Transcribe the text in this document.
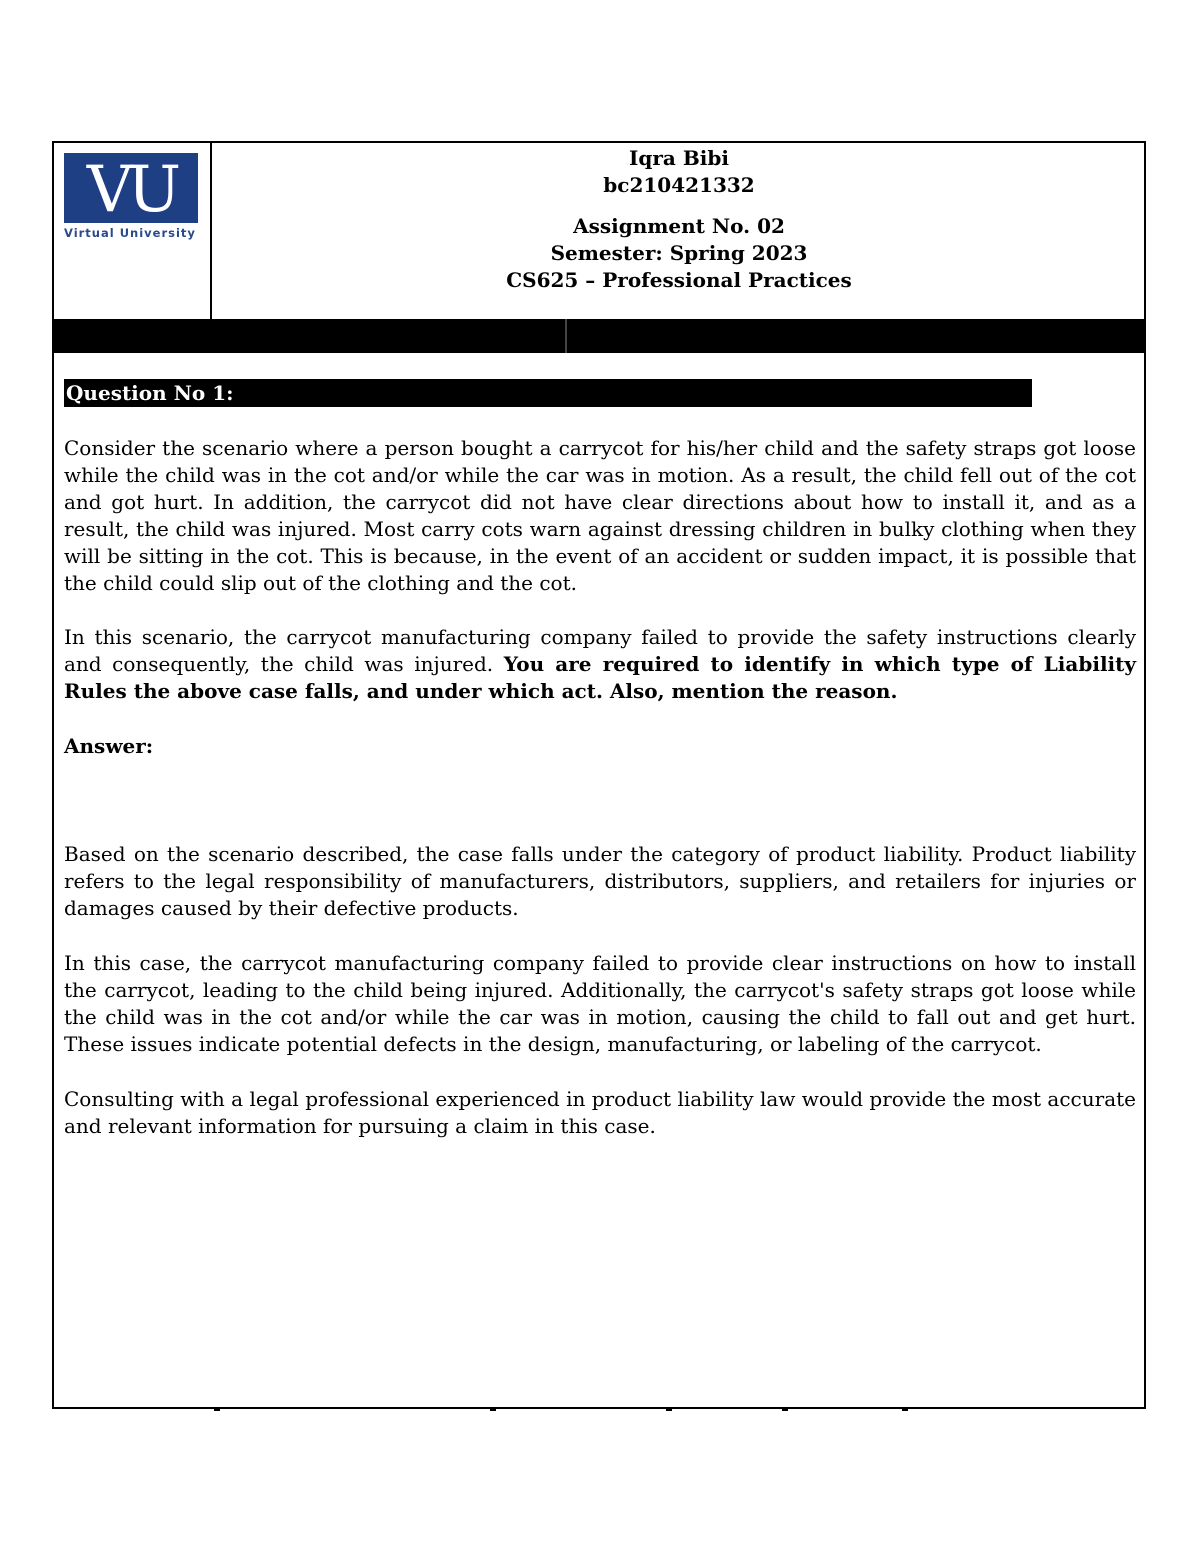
VU
Virtual University
Iqra Bibi
bc210421332
Assignment No. 02
Semester: Spring 2023
CS625 – Professional Practices
Question No 1:

Consider the scenario where a person bought a carrycot for his/her child and the safety straps got loose while the child was in the cot and/or while the car was in motion. As a result, the child fell out of the cot and got hurt. In addition, the carrycot did not have clear directions about how to install it, and as a result, the child was injured. Most carry cots warn against dressing children in bulky clothing when they will be sitting in the cot. This is because, in the event of an accident or sudden impact, it is possible that the child could slip out of the clothing and the cot.

In this scenario, the carrycot manufacturing company failed to provide the safety instructions clearly and consequently, the child was injured. You are required to identify in which type of Liability Rules the above case falls, and under which act. Also, mention the reason.

Answer:

Based on the scenario described, the case falls under the category of product liability. Product liability refers to the legal responsibility of manufacturers, distributors, suppliers, and retailers for injuries or damages caused by their defective products.

In this case, the carrycot manufacturing company failed to provide clear instructions on how to install the carrycot, leading to the child being injured. Additionally, the carrycot's safety straps got loose while the child was in the cot and/or while the car was in motion, causing the child to fall out and get hurt. These issues indicate potential defects in the design, manufacturing, or labeling of the carrycot.

Consulting with a legal professional experienced in product liability law would provide the most accurate and relevant information for pursuing a claim in this case.
